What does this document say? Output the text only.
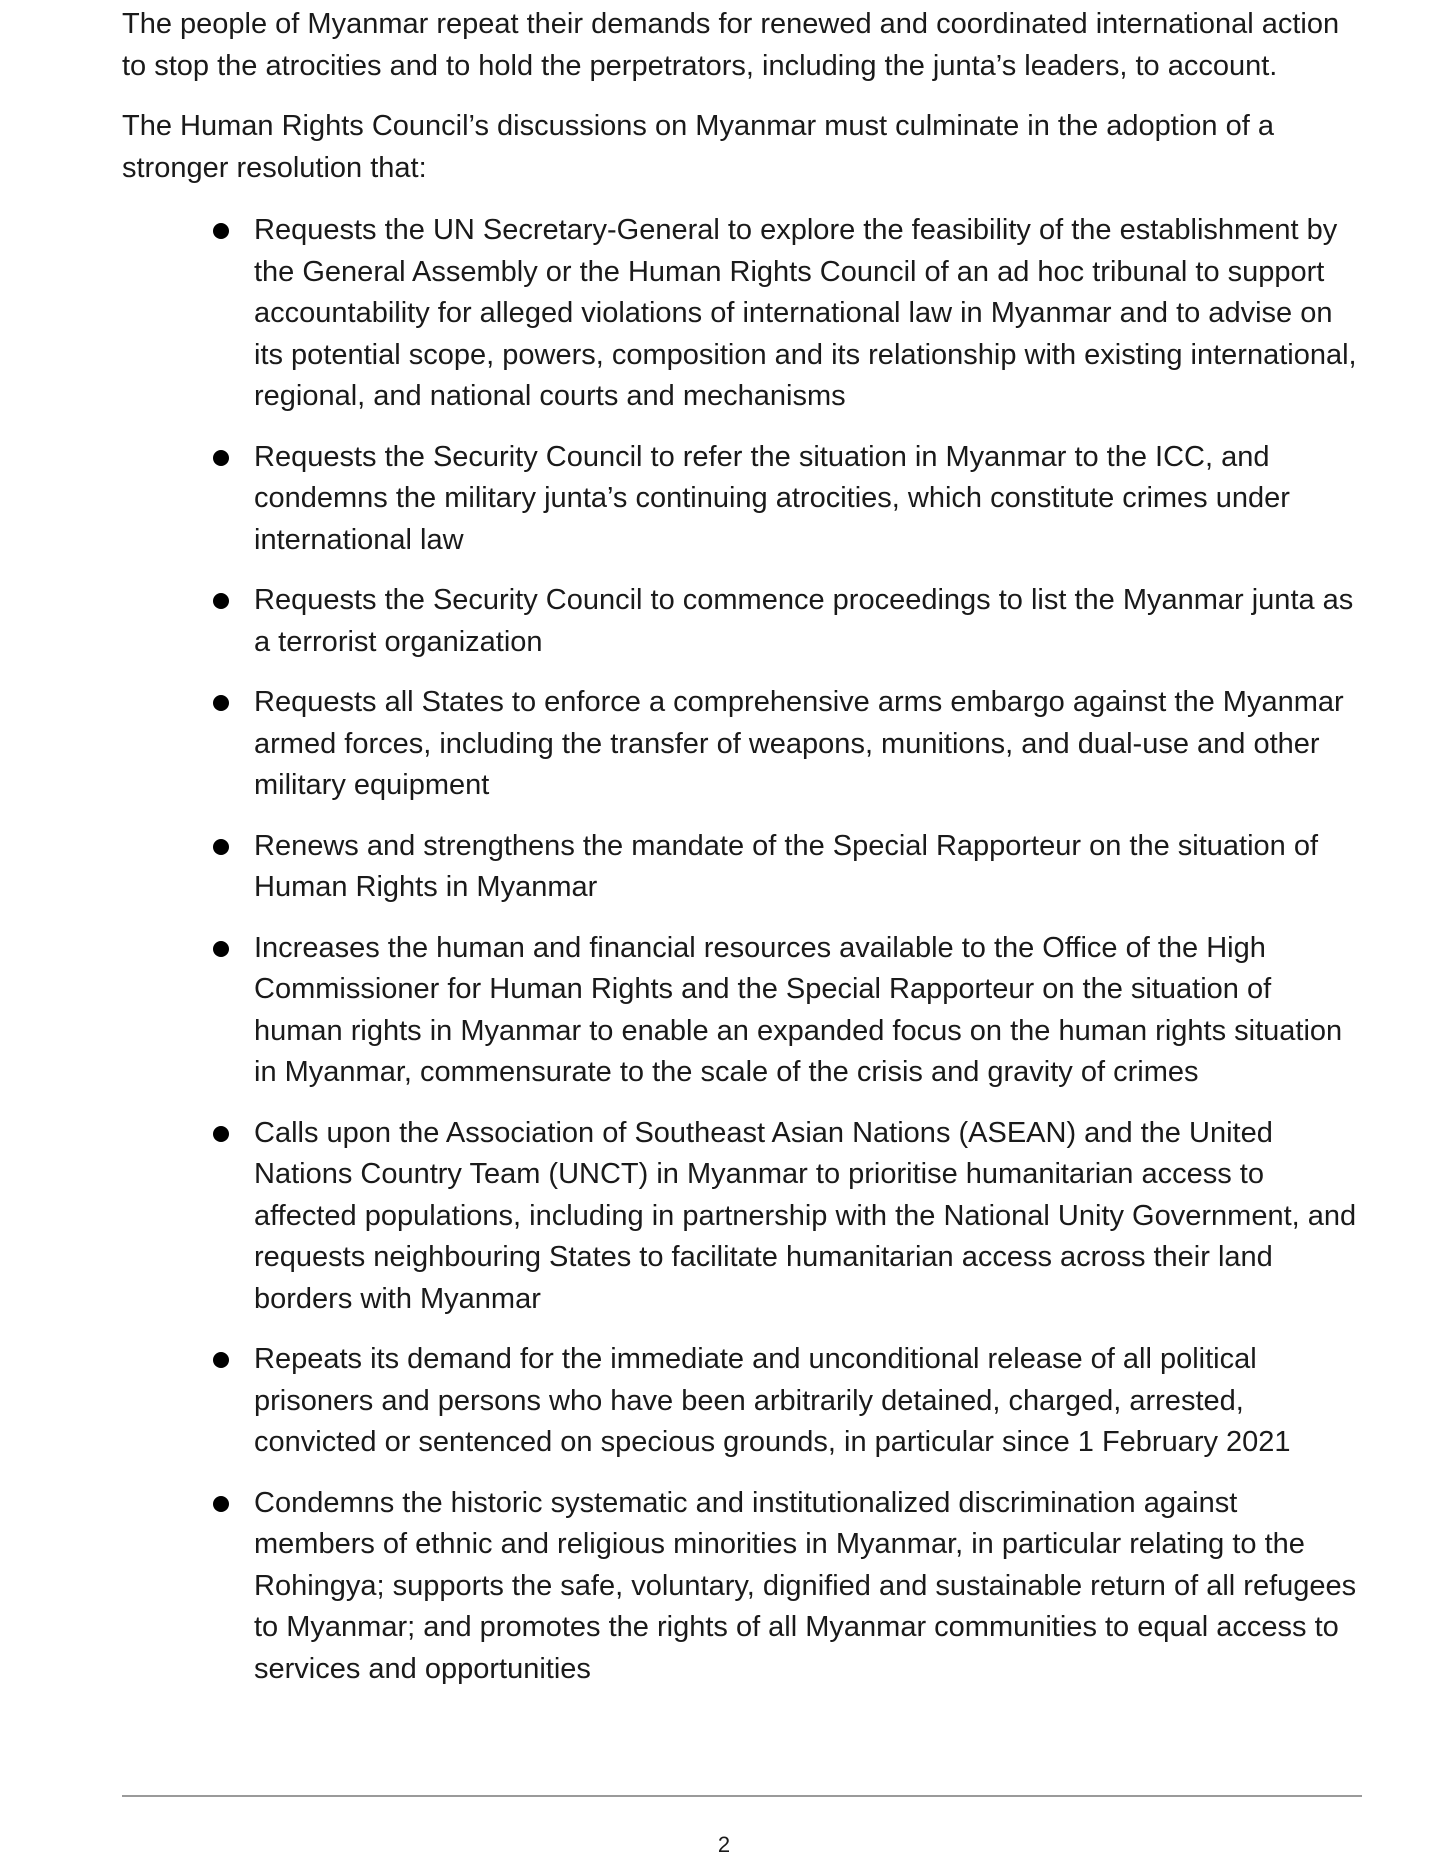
The people of Myanmar repeat their demands for renewed and coordinated international action to stop the atrocities and to hold the perpetrators, including the junta’s leaders, to account.

The Human Rights Council’s discussions on Myanmar must culminate in the adoption of a stronger resolution that:

Requests the UN Secretary-General to explore the feasibility of the establishment by the General Assembly or the Human Rights Council of an ad hoc tribunal to support accountability for alleged violations of international law in Myanmar and to advise on its potential scope, powers, composition and its relationship with existing international, regional, and national courts and mechanisms
Requests the Security Council to refer the situation in Myanmar to the ICC, and condemns the military junta’s continuing atrocities, which constitute crimes under international law
Requests the Security Council to commence proceedings to list the Myanmar junta as a terrorist organization
Requests all States to enforce a comprehensive arms embargo against the Myanmar armed forces, including the transfer of weapons, munitions, and dual-use and other military equipment
Renews and strengthens the mandate of the Special Rapporteur on the situation of Human Rights in Myanmar
Increases the human and financial resources available to the Office of the High Commissioner for Human Rights and the Special Rapporteur on the situation of human rights in Myanmar to enable an expanded focus on the human rights situation in Myanmar, commensurate to the scale of the crisis and gravity of crimes
Calls upon the Association of Southeast Asian Nations (ASEAN) and the United Nations Country Team (UNCT) in Myanmar to prioritise humanitarian access to affected populations, including in partnership with the National Unity Government, and requests neighbouring States to facilitate humanitarian access across their land borders with Myanmar
Repeats its demand for the immediate and unconditional release of all political prisoners and persons who have been arbitrarily detained, charged, arrested, convicted or sentenced on specious grounds, in particular since 1 February 2021
Condemns the historic systematic and institutionalized discrimination against members of ethnic and religious minorities in Myanmar, in particular relating to the Rohingya; supports the safe, voluntary, dignified and sustainable return of all refugees to Myanmar; and promotes the rights of all Myanmar communities to equal access to services and opportunities
2
